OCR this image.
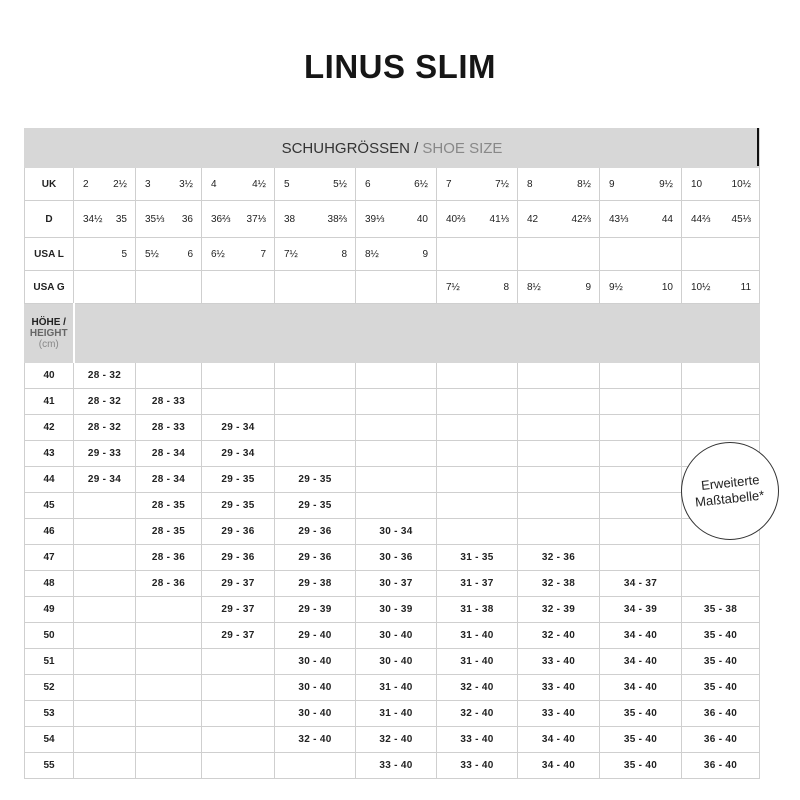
LINUS SLIM
SCHUHGRÖSSEN / SHOE SIZE									
UK	2 2½	3 3½	4 4½	5 5½	6 6½	7 7½	8 8½	9 9½	10 10½

D	34½ 35	35⅓ 36	36⅔ 37⅓	38 38⅔	39⅓ 40	40⅔ 41⅓	42 42⅔	43⅓ 44	44⅔ 45⅓

USA L	5	5½ 6	6½ 7	7½ 8	8½ 9				

USA G						7½ 8	8½ 9	9½ 10	10½ 11

HÖHE /
HEIGHT
(cm)									

40	28 - 32								
41	28 - 32	28 - 33							
42	28 - 32	28 - 33	29 - 34						
43	29 - 33	28 - 34	29 - 34						
44	29 - 34	28 - 34	29 - 35	29 - 35					
45		28 - 35	29 - 35	29 - 35					
46		28 - 35	29 - 36	29 - 36	30 - 34				
47		28 - 36	29 - 36	29 - 36	30 - 36	31 - 35	32 - 36		
48		28 - 36	29 - 37	29 - 38	30 - 37	31 - 37	32 - 38	34 - 37	
49			29 - 37	29 - 39	30 - 39	31 - 38	32 - 39	34 - 39	35 - 38
50			29 - 37	29 - 40	30 - 40	31 - 40	32 - 40	34 - 40	35 - 40
51				30 - 40	30 - 40	31 - 40	33 - 40	34 - 40	35 - 40
52				30 - 40	31 - 40	32 - 40	33 - 40	34 - 40	35 - 40
53				30 - 40	31 - 40	32 - 40	33 - 40	35 - 40	36 - 40
54				32 - 40	32 - 40	33 - 40	34 - 40	35 - 40	36 - 40
55					33 - 40	33 - 40	34 - 40	35 - 40	36 - 40
Erweiterte
Maßtabelle*
